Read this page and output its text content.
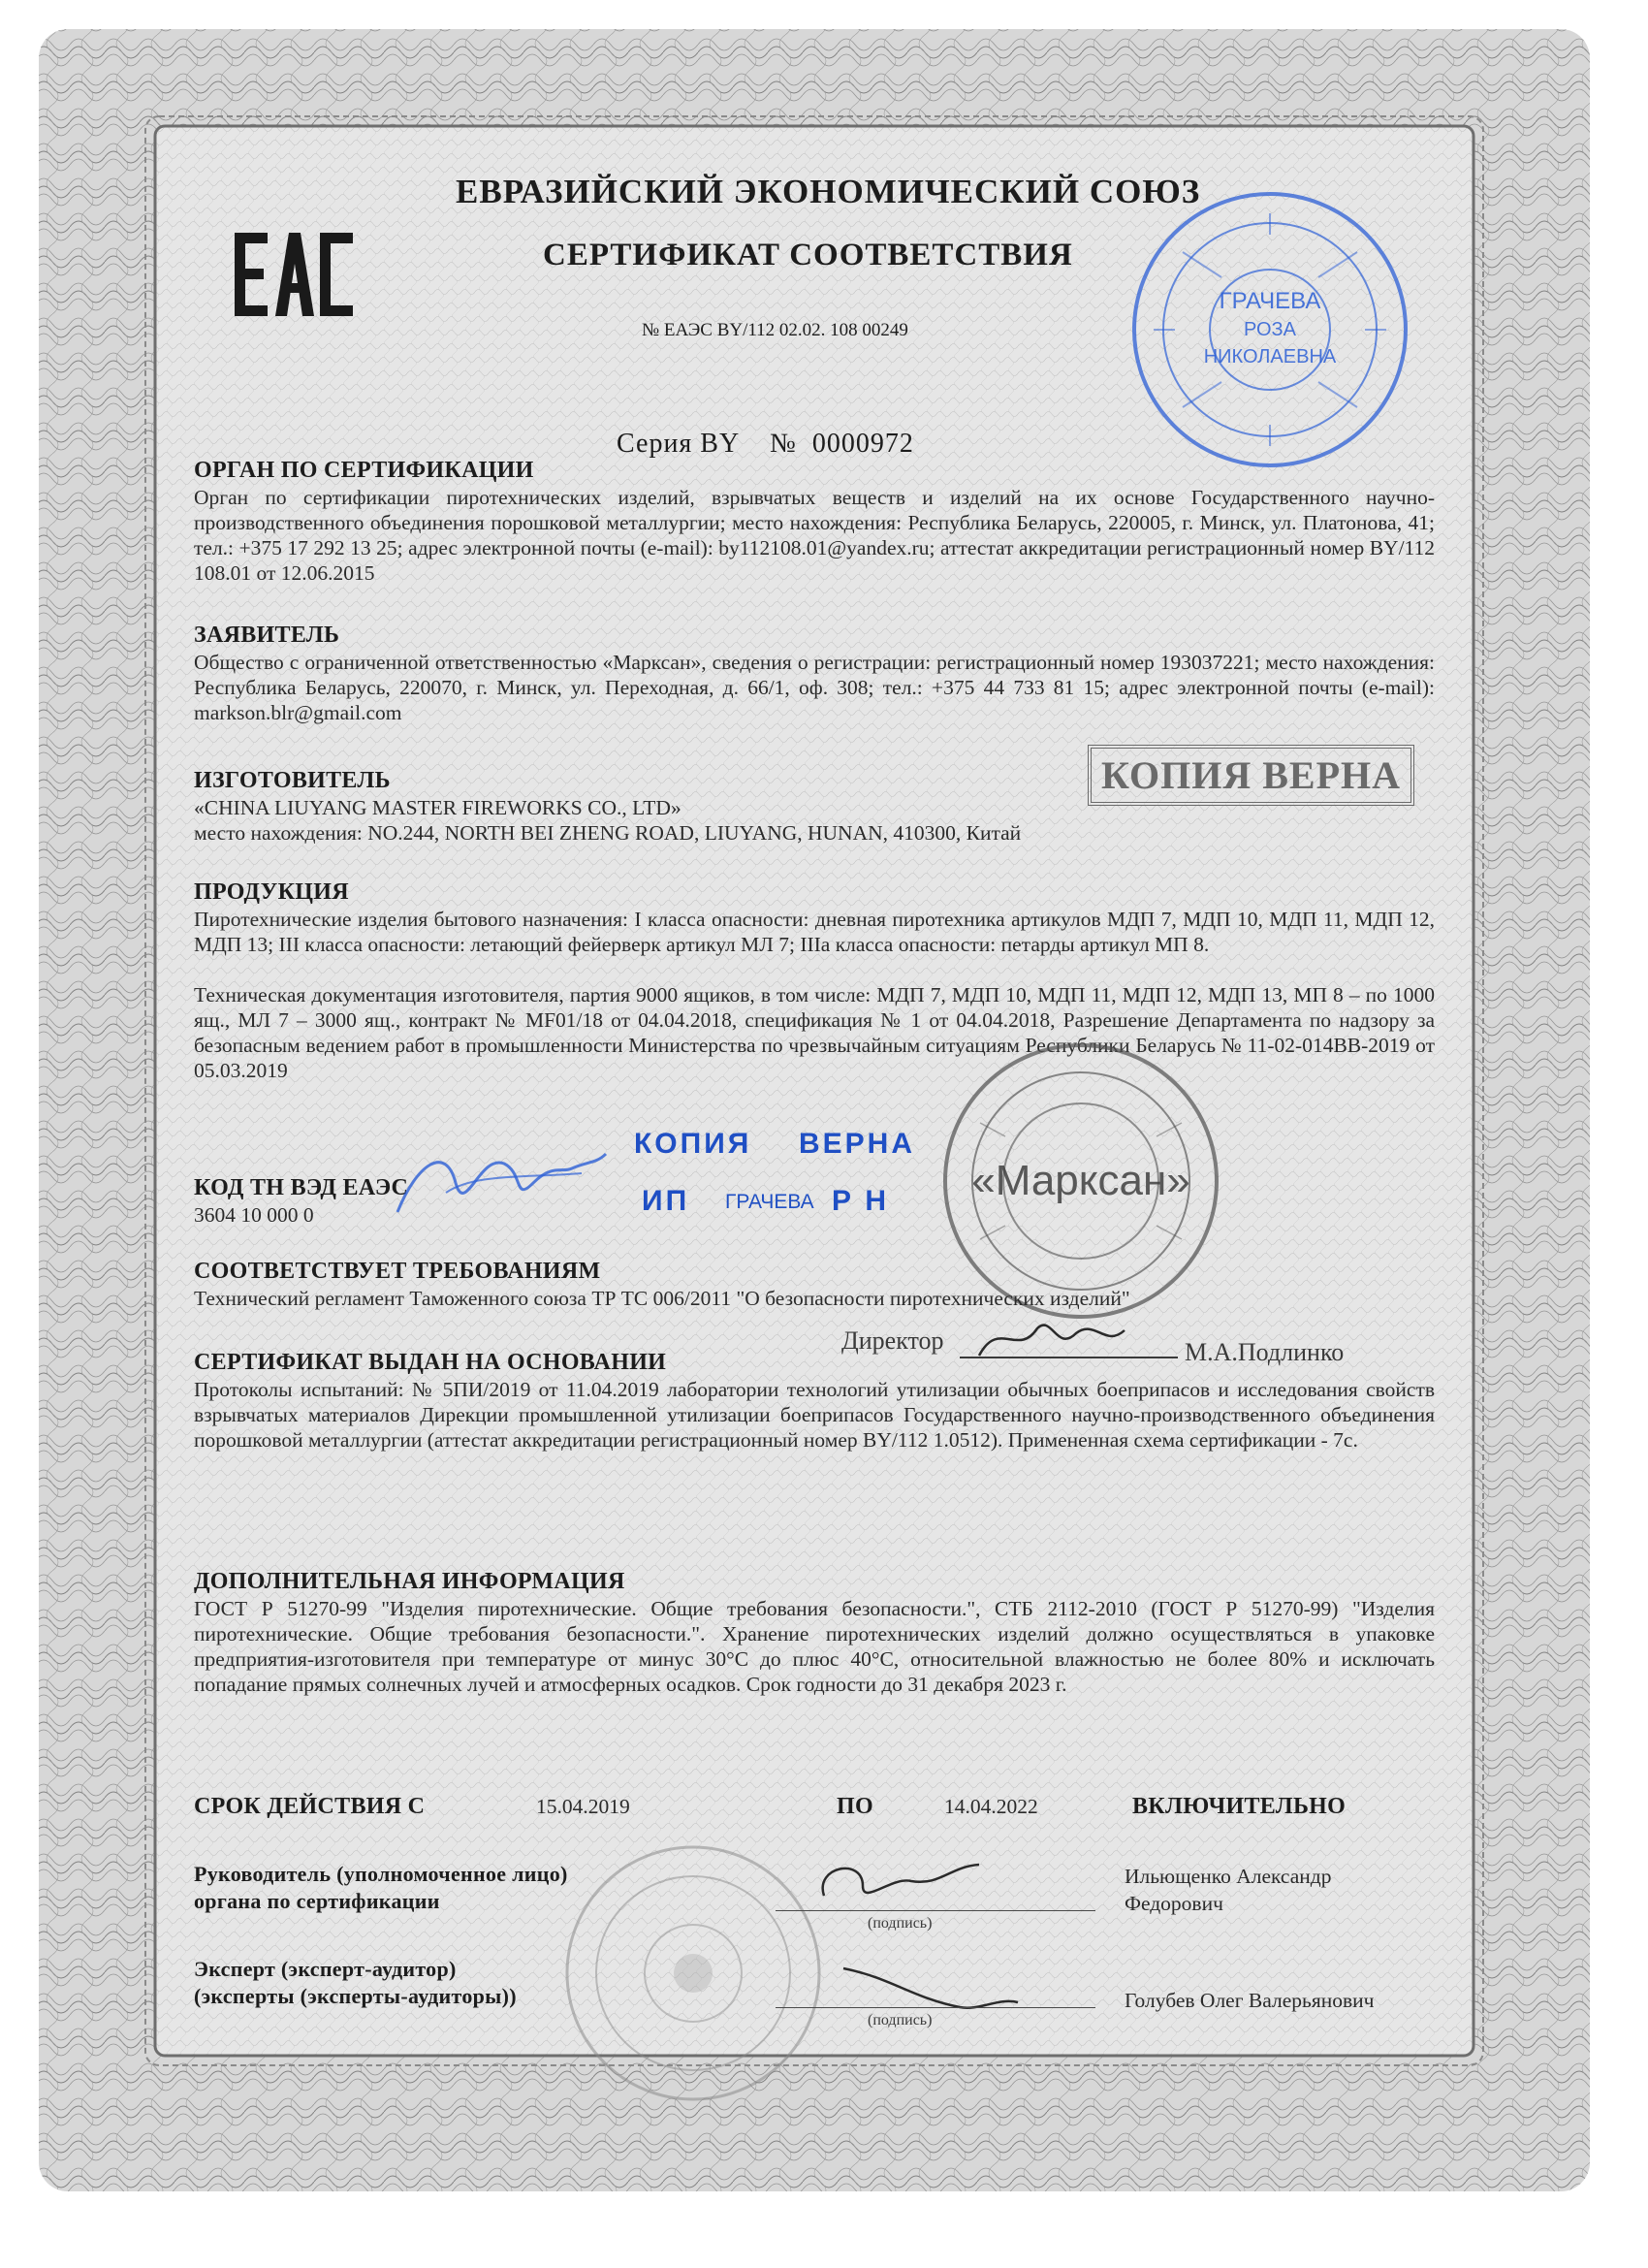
ЕВРАЗИЙСКИЙ ЭКОНОМИЧЕСКИЙ СОЮЗ
СЕРТИФИКАТ СООТВЕТСТВИЯ
№ ЕАЭС BY/112 02.02. 108 00249
Серия BY    №  0000972
ГРАЧЕВА
РОЗА
НИКОЛАЕВНА
ОРГАН ПО СЕРТИФИКАЦИИ
Орган по сертификации пиротехнических изделий, взрывчатых веществ и изделий на их основе Государственного научно-производственного объединения порошковой металлургии; место нахождения: Республика Беларусь, 220005, г. Минск, ул. Платонова, 41; тел.: +375 17 292 13 25; адрес электронной почты (e-mail): by112108.01@yandex.ru; аттестат аккредитации регистрационный номер BY/112 108.01 от 12.06.2015
ЗАЯВИТЕЛЬ
Общество с ограниченной ответственностью «Марксан», сведения о регистрации: регистрационный номер 193037221; место нахождения: Республика Беларусь, 220070, г. Минск, ул. Переходная, д. 66/1, оф. 308; тел.: +375 44 733 81 15; адрес электронной почты (e-mail): markson.blr@gmail.com
КОПИЯ ВЕРНА
ИЗГОТОВИТЕЛЬ
«CHINA LIUYANG MASTER FIREWORKS CO., LTD»
место нахождения: NO.244, NORTH BEI ZHENG ROAD, LIUYANG, HUNAN, 410300, Китай
ПРОДУКЦИЯ
Пиротехнические изделия бытового назначения: I класса опасности: дневная пиротехника артикулов МДП 7, МДП 10, МДП 11, МДП 12, МДП 13; III класса опасности: летающий фейерверк артикул МЛ 7; IIIа класса опасности: петарды артикул МП 8.
Техническая документация изготовителя, партия 9000 ящиков, в том числе: МДП 7, МДП 10, МДП 11, МДП 12, МДП 13, МП 8 – по 1000 ящ., МЛ 7 – 3000 ящ., контракт № MF01/18 от 04.04.2018, спецификация № 1 от 04.04.2018, Разрешение Департамента по надзору за безопасным ведением работ в промышленности Министерства по чрезвычайным ситуациям Республики Беларусь № 11-02-014ВВ-2019 от 05.03.2019
«Марксан»
КОД ТН ВЭД ЕАЭС
3604 10 000 0
КОПИЯ ВЕРНА
ИП ГРАЧЕВА Р Н
СООТВЕТСТВУЕТ ТРЕБОВАНИЯМ
Технический регламент Таможенного союза ТР ТС 006/2011 "О безопасности пиротехнических изделий"
Директор	М.А.Подлинко
СЕРТИФИКАТ ВЫДАН НА ОСНОВАНИИ
Протоколы испытаний: № 5ПИ/2019 от 11.04.2019 лаборатории технологий утилизации обычных боеприпасов и исследования свойств взрывчатых материалов Дирекции промышленной утилизации боеприпасов Государственного научно-производственного объединения порошковой металлургии (аттестат аккредитации регистрационный номер BY/112 1.0512). Примененная схема сертификации - 7с.
ДОПОЛНИТЕЛЬНАЯ ИНФОРМАЦИЯ
ГОСТ Р 51270-99 "Изделия пиротехнические. Общие требования безопасности.", СТБ 2112-2010 (ГОСТ Р 51270-99) "Изделия пиротехнические. Общие требования безопасности.". Хранение пиротехнических изделий должно осуществляться в упаковке предприятия-изготовителя при температуре от минус 30°С до плюс 40°С, относительной влажностью не более 80% и исключать попадание прямых солнечных лучей и атмосферных осадков. Срок годности до 31 декабря 2023 г.
СРОК ДЕЙСТВИЯ С	15.04.2019	ПО	14.04.2022	ВКЛЮЧИТЕЛЬНО
Руководитель (уполномоченное лицо)
органа по сертификации
(подпись)
Ильющенко Александр
Федорович
Эксперт (эксперт-аудитор)
(эксперты (эксперты-аудиторы))
(подпись)
Голубев Олег Валерьянович
